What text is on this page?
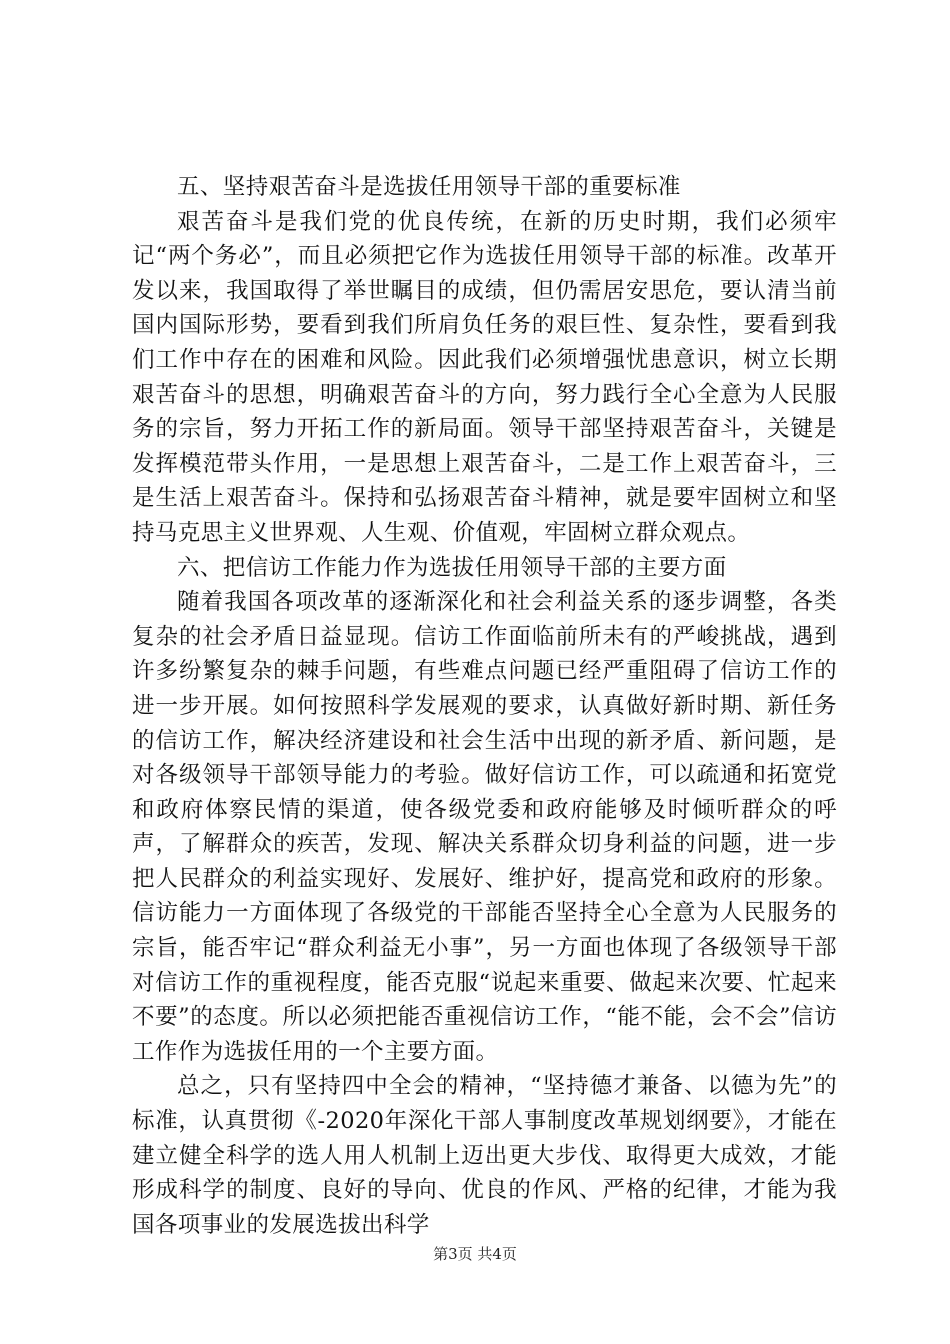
五、坚持艰苦奋斗是选拔任用领导干部的重要标准

艰苦奋斗是我们党的优良传统，在新的历史时期，我们必须牢记“两个务必”，而且必须把它作为选拔任用领导干部的标准。改革开发以来，我国取得了举世瞩目的成绩，但仍需居安思危，要认清当前国内国际形势，要看到我们所肩负任务的艰巨性、复杂性，要看到我们工作中存在的困难和风险。因此我们必须增强忧患意识，树立长期艰苦奋斗的思想，明确艰苦奋斗的方向，努力践行全心全意为人民服务的宗旨，努力开拓工作的新局面。领导干部坚持艰苦奋斗，关键是发挥模范带头作用，一是思想上艰苦奋斗，二是工作上艰苦奋斗，三是生活上艰苦奋斗。保持和弘扬艰苦奋斗精神，就是要牢固树立和坚持马克思主义世界观、人生观、价值观，牢固树立群众观点。

六、把信访工作能力作为选拔任用领导干部的主要方面

随着我国各项改革的逐渐深化和社会利益关系的逐步调整，各类复杂的社会矛盾日益显现。信访工作面临前所未有的严峻挑战，遇到许多纷繁复杂的棘手问题，有些难点问题已经严重阻碍了信访工作的进一步开展。如何按照科学发展观的要求，认真做好新时期、新任务的信访工作，解决经济建设和社会生活中出现的新矛盾、新问题，是对各级领导干部领导能力的考验。做好信访工作，可以疏通和拓宽党和政府体察民情的渠道，使各级党委和政府能够及时倾听群众的呼声，了解群众的疾苦，发现、解决关系群众切身利益的问题，进一步把人民群众的利益实现好、发展好、维护好，提高党和政府的形象。信访能力一方面体现了各级党的干部能否坚持全心全意为人民服务的宗旨，能否牢记“群众利益无小事”，另一方面也体现了各级领导干部对信访工作的重视程度，能否克服“说起来重要、做起来次要、忙起来不要”的态度。所以必须把能否重视信访工作，“能不能，会不会”信访工作作为选拔任用的一个主要方面。

总之，只有坚持四中全会的精神，“坚持德才兼备、以德为先”的标准，认真贯彻《-2020年深化干部人事制度改革规划纲要》，才能在建立健全科学的选人用人机制上迈出更大步伐、取得更大成效，才能形成科学的制度、良好的导向、优良的作风、严格的纪律，才能为我国各项事业的发展选拔出科学

第3页 共4页
